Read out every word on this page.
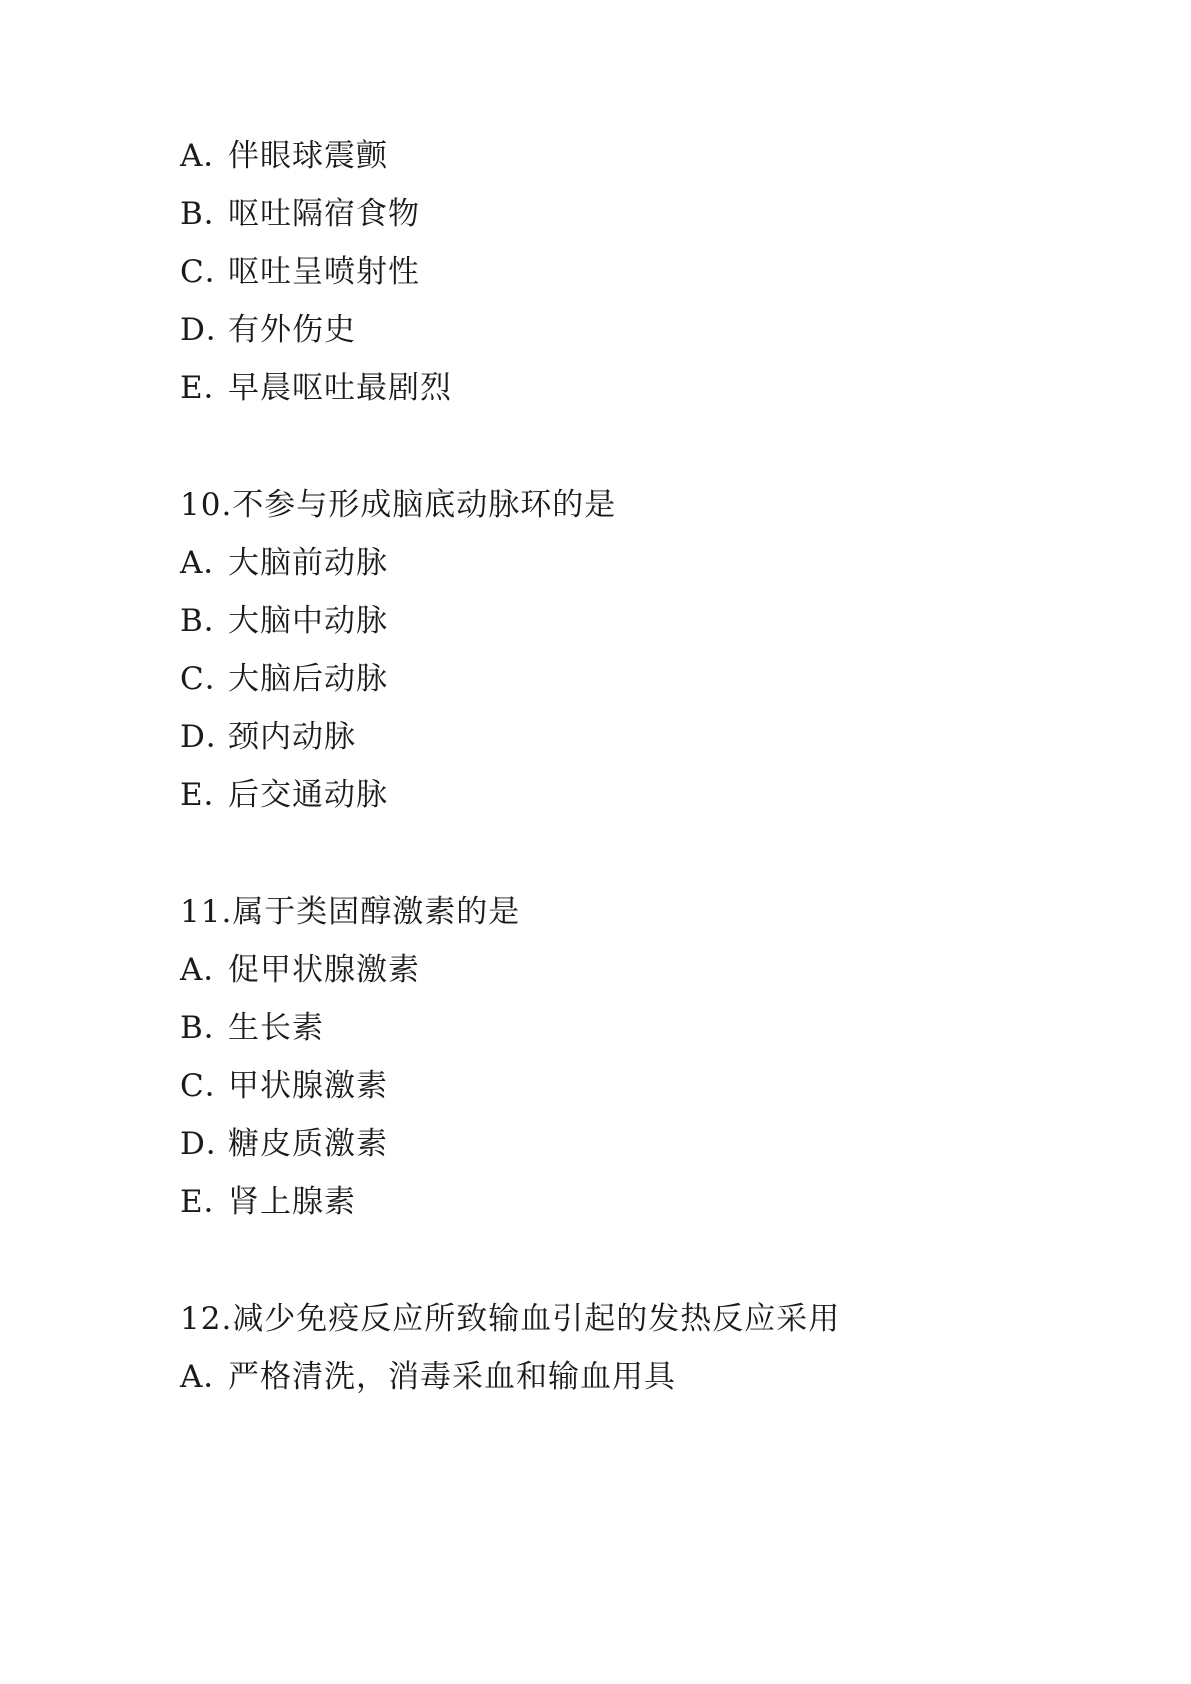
A．伴眼球震颤
B．呕吐隔宿食物
C．呕吐呈喷射性
D．有外伤史
E．早晨呕吐最剧烈
10.不参与形成脑底动脉环的是
A．大脑前动脉
B．大脑中动脉
C．大脑后动脉
D．颈内动脉
E．后交通动脉
11.属于类固醇激素的是
A．促甲状腺激素
B．生长素
C．甲状腺激素
D．糖皮质激素
E．肾上腺素
12.减少免疫反应所致输血引起的发热反应采用
A．严格清洗，消毒采血和输血用具
